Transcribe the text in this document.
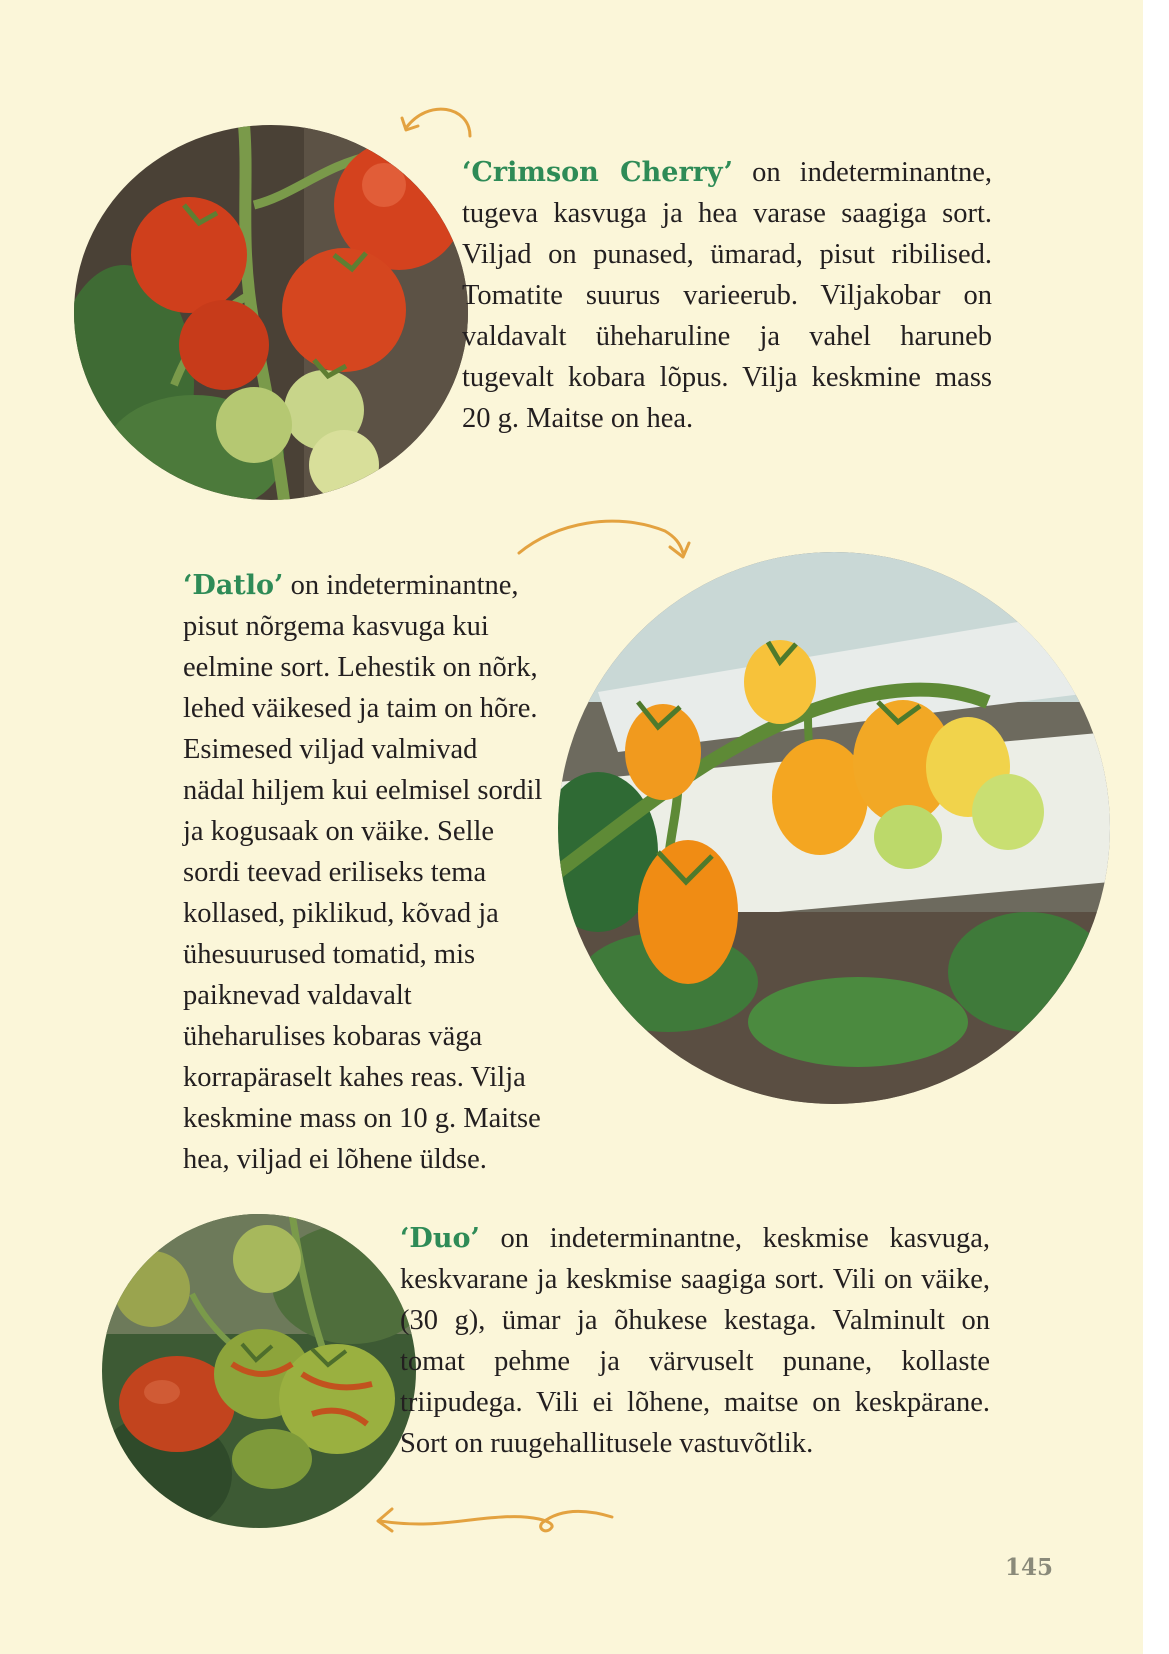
‘Crimson Cherry’ on indeterminantne, tugeva kasvuga ja hea varase saagiga sort. Viljad on punased, ümarad, pisut ribilised. Tomatite suurus varieerub. Viljakobar on valdavalt üheharuline ja vahel haruneb tugevalt kobara lõpus. Vilja keskmine mass 20 g. Maitse on hea.
‘Datlo’ on indeterminantne, pisut nõrgema kasvuga kui eelmine sort. Lehestik on nõrk, lehed väikesed ja taim on hõre. Esimesed viljad valmivad nädal hiljem kui eelmisel sordil ja kogusaak on väike. Selle sordi teevad eriliseks tema kollased, piklikud, kõvad ja ühesuurused tomatid, mis paiknevad valdavalt üheharulises kobaras väga korrapäraselt kahes reas. Vilja keskmine mass on 10 g. Maitse hea, viljad ei lõhene üldse.
‘Duo’ on indeterminantne, keskmise kasvuga, keskvarane ja keskmise saagiga sort. Vili on väike, (30 g), ümar ja õhukese kestaga. Valminult on tomat pehme ja värvuselt punane, kollaste triipudega. Vili ei lõhene, maitse on keskpärane. Sort on ruugehallitusele vastuvõtlik.
145
